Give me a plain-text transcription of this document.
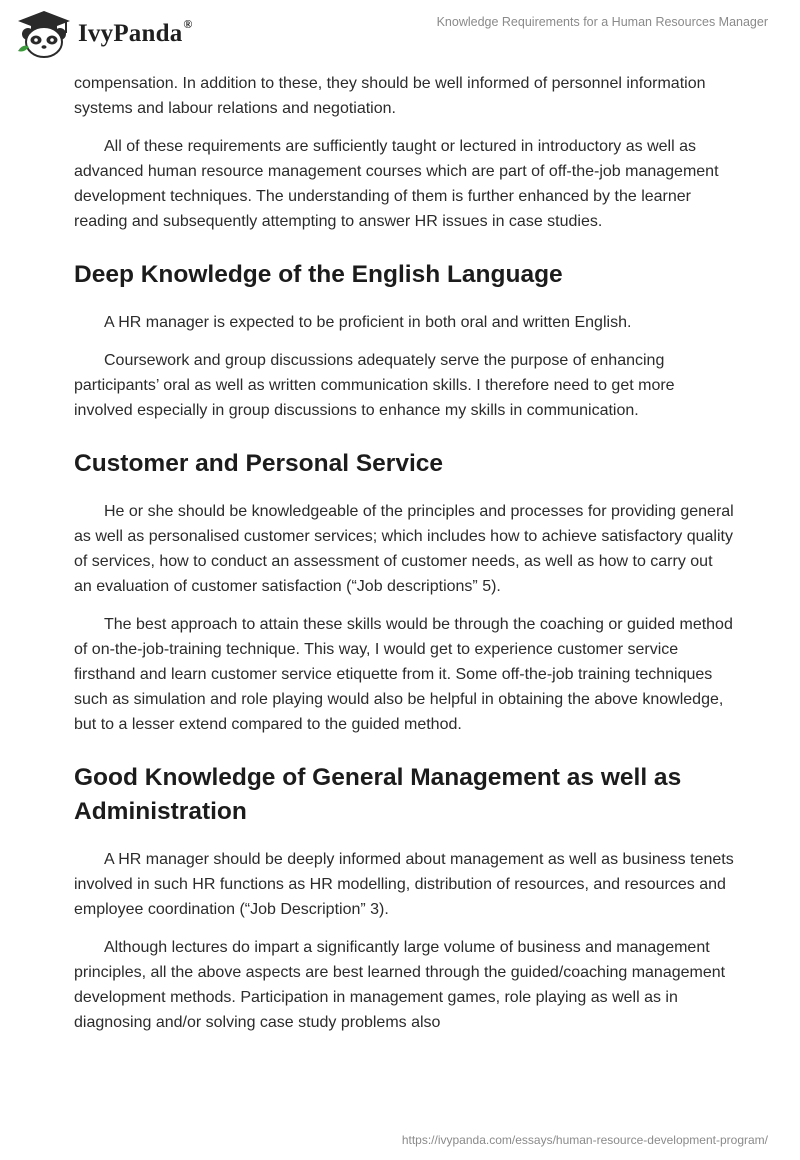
IvyPanda®	Knowledge Requirements for a Human Resources Manager

compensation. In addition to these, they should be well informed of personnel information systems and labour relations and negotiation.

All of these requirements are sufficiently taught or lectured in introductory as well as advanced human resource management courses which are part of off-the-job management development techniques. The understanding of them is further enhanced by the learner reading and subsequently attempting to answer HR issues in case studies.

Deep Knowledge of the English Language

A HR manager is expected to be proficient in both oral and written English.

Coursework and group discussions adequately serve the purpose of enhancing participants’ oral as well as written communication skills. I therefore need to get more involved especially in group discussions to enhance my skills in communication.

Customer and Personal Service

He or she should be knowledgeable of the principles and processes for providing general as well as personalised customer services; which includes how to achieve satisfactory quality of services, how to conduct an assessment of customer needs, as well as how to carry out an evaluation of customer satisfaction (“Job descriptions” 5).

The best approach to attain these skills would be through the coaching or guided method of on-the-job-training technique. This way, I would get to experience customer service firsthand and learn customer service etiquette from it. Some off-the-job training techniques such as simulation and role playing would also be helpful in obtaining the above knowledge, but to a lesser extend compared to the guided method.

Good Knowledge of General Management as well as Administration

A HR manager should be deeply informed about management as well as business tenets involved in such HR functions as HR modelling, distribution of resources, and resources and employee coordination (“Job Description” 3).

Although lectures do impart a significantly large volume of business and management principles, all the above aspects are best learned through the guided/coaching management development methods. Participation in management games, role playing as well as in diagnosing and/or solving case study problems also

https://ivypanda.com/essays/human-resource-development-program/
